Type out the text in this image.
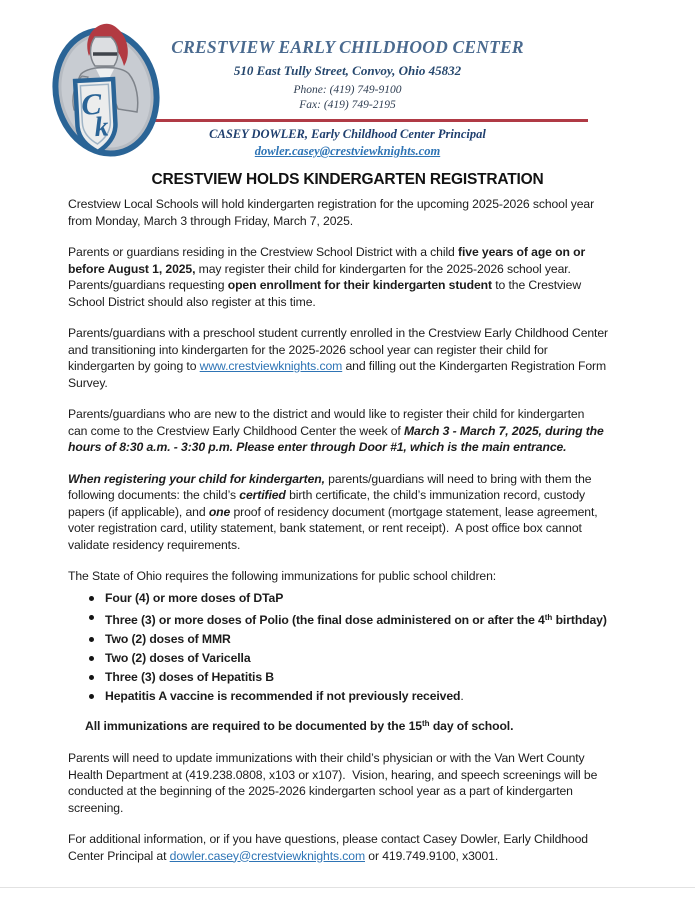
C
k
CRESTVIEW EARLY CHILDHOOD CENTER
510 East Tully Street, Convoy, Ohio 45832
Phone: (419) 749-9100
Fax: (419) 749-2195
CASEY DOWLER, Early Childhood Center Principal
dowler.casey@crestviewknights.com
CRESTVIEW HOLDS KINDERGARTEN REGISTRATION
Crestview Local Schools will hold kindergarten registration for the upcoming 2025-2026 school year
from Monday, March 3 through Friday, March 7, 2025.
Parents or guardians residing in the Crestview School District with a child five years of age on or
before August 1, 2025, may register their child for kindergarten for the 2025-2026 school year.
Parents/guardians requesting open enrollment for their kindergarten student to the Crestview
School District should also register at this time.
Parents/guardians with a preschool student currently enrolled in the Crestview Early Childhood Center
and transitioning into kindergarten for the 2025-2026 school year can register their child for
kindergarten by going to www.crestviewknights.com and filling out the Kindergarten Registration Form
Survey.
Parents/guardians who are new to the district and would like to register their child for kindergarten
can come to the Crestview Early Childhood Center the week of March 3 - March 7, 2025, during the
hours of 8:30 a.m. - 3:30 p.m. Please enter through Door #1, which is the main entrance.
When registering your child for kindergarten, parents/guardians will need to bring with them the
following documents: the child’s certified birth certificate, the child’s immunization record, custody
papers (if applicable), and one proof of residency document (mortgage statement, lease agreement,
voter registration card, utility statement, bank statement, or rent receipt).  A post office box cannot
validate residency requirements.
The State of Ohio requires the following immunizations for public school children:
Four (4) or more doses of DTaP
Three (3) or more doses of Polio (the final dose administered on or after the 4th birthday)
Two (2) doses of MMR
Two (2) doses of Varicella
Three (3) doses of Hepatitis B
Hepatitis A vaccine is recommended if not previously received.
All immunizations are required to be documented by the 15th day of school.
Parents will need to update immunizations with their child’s physician or with the Van Wert County
Health Department at (419.238.0808, x103 or x107).  Vision, hearing, and speech screenings will be
conducted at the beginning of the 2025-2026 kindergarten school year as a part of kindergarten
screening.
For additional information, or if you have questions, please contact Casey Dowler, Early Childhood
Center Principal at dowler.casey@crestviewknights.com or 419.749.9100, x3001.
